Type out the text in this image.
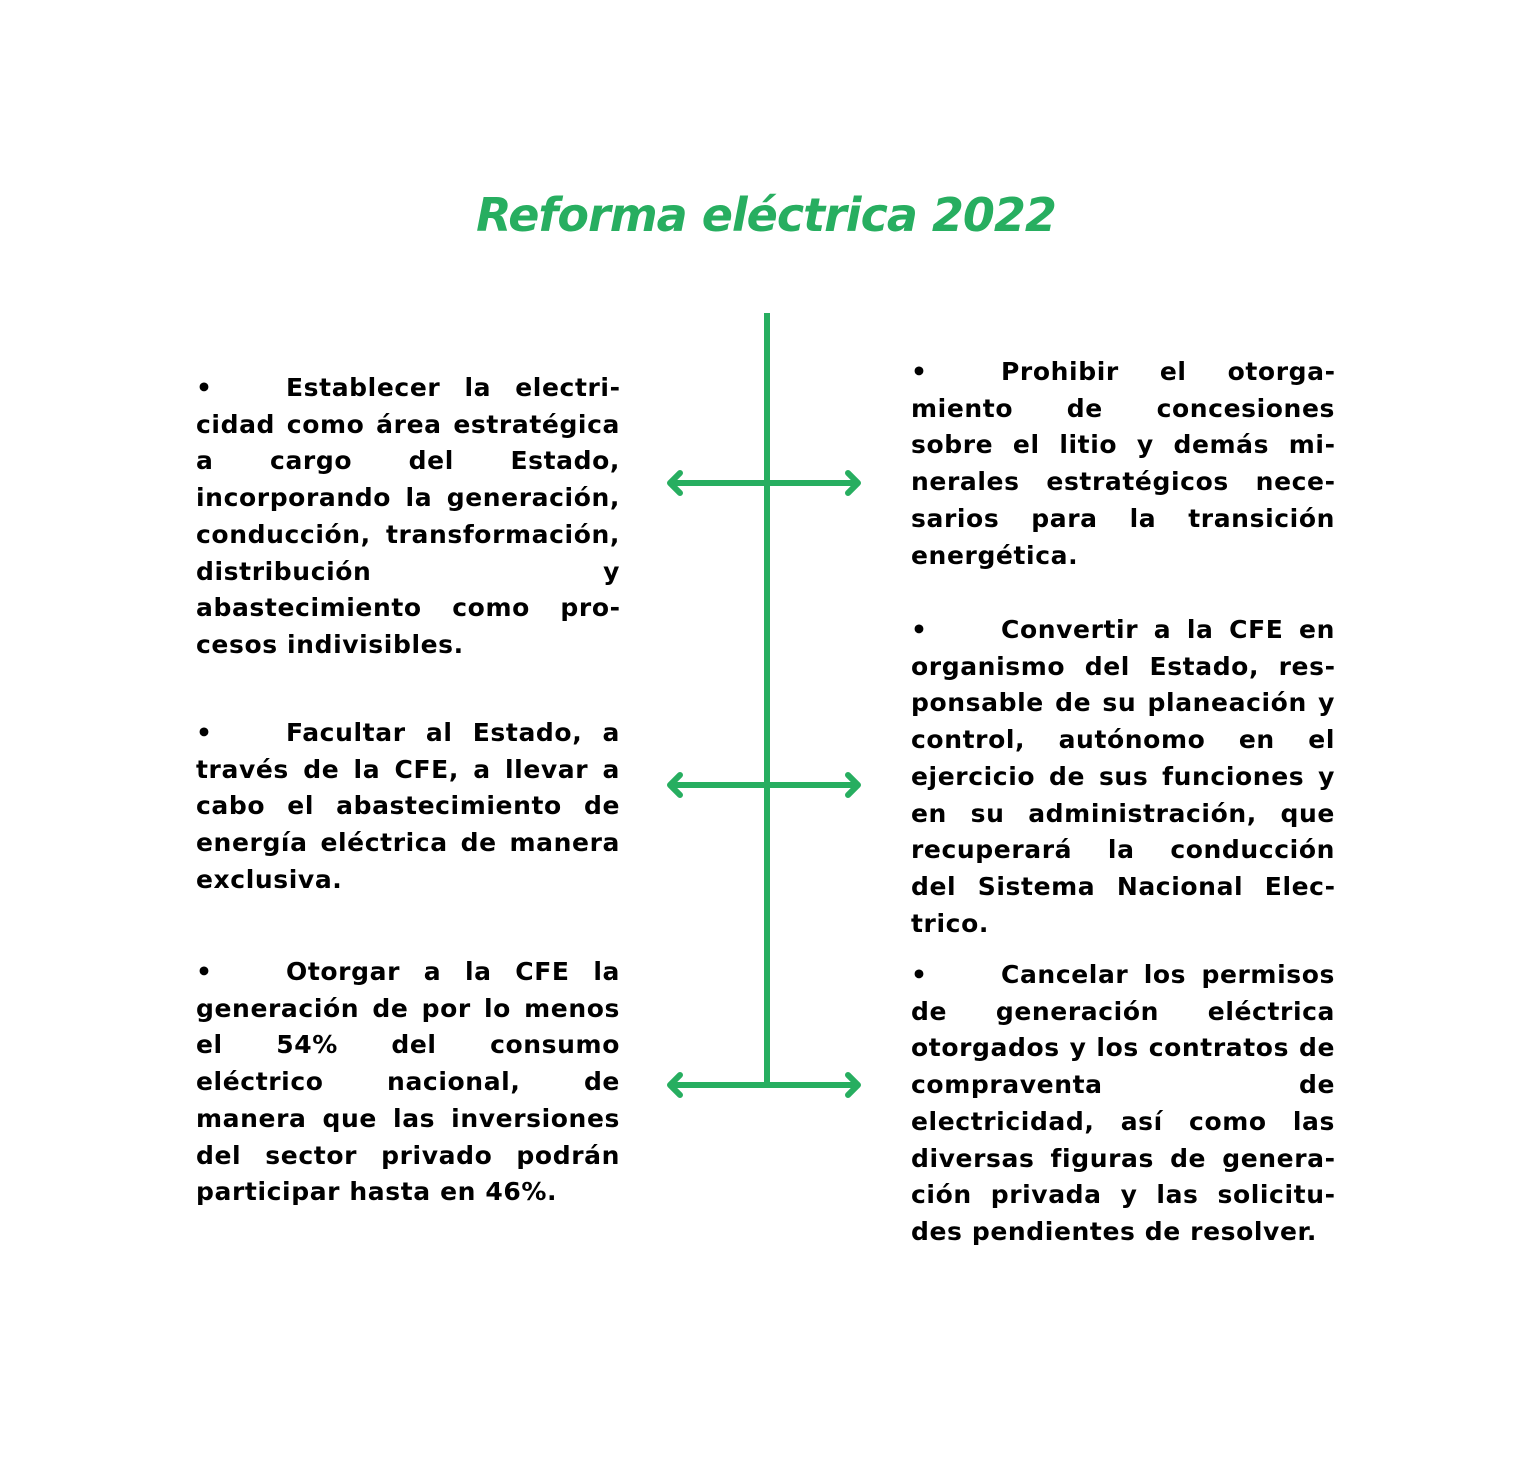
Reforma eléctrica 2022

•	Establecer la electricidad como área estratégica a cargo del Estado, incorporando la generación, conducción, transformación, distribución y abastecimiento como procesos indivisibles.

•	Facultar al Estado, a través de la CFE, a llevar a cabo el abastecimiento de energía eléctrica de manera exclusiva.

•	Otorgar a la CFE la generación de por lo menos el 54% del consumo eléctrico nacional, de manera que las inversiones del sector privado podrán participar hasta en 46%.

•	Prohibir el otorgamiento de concesiones sobre el litio y demás minerales estratégicos necesarios para la transición energética.

•	Convertir a la CFE en organismo del Estado, responsable de su planeación y control, autónomo en el ejercicio de sus funciones y en su administración, que recuperará la conducción del Sistema Nacional Electrico.

•	Cancelar los permisos de generación eléctrica otorgados y los contratos de compraventa de electricidad, así como las diversas figuras de generación privada y las solicitudes pendientes de resolver.
